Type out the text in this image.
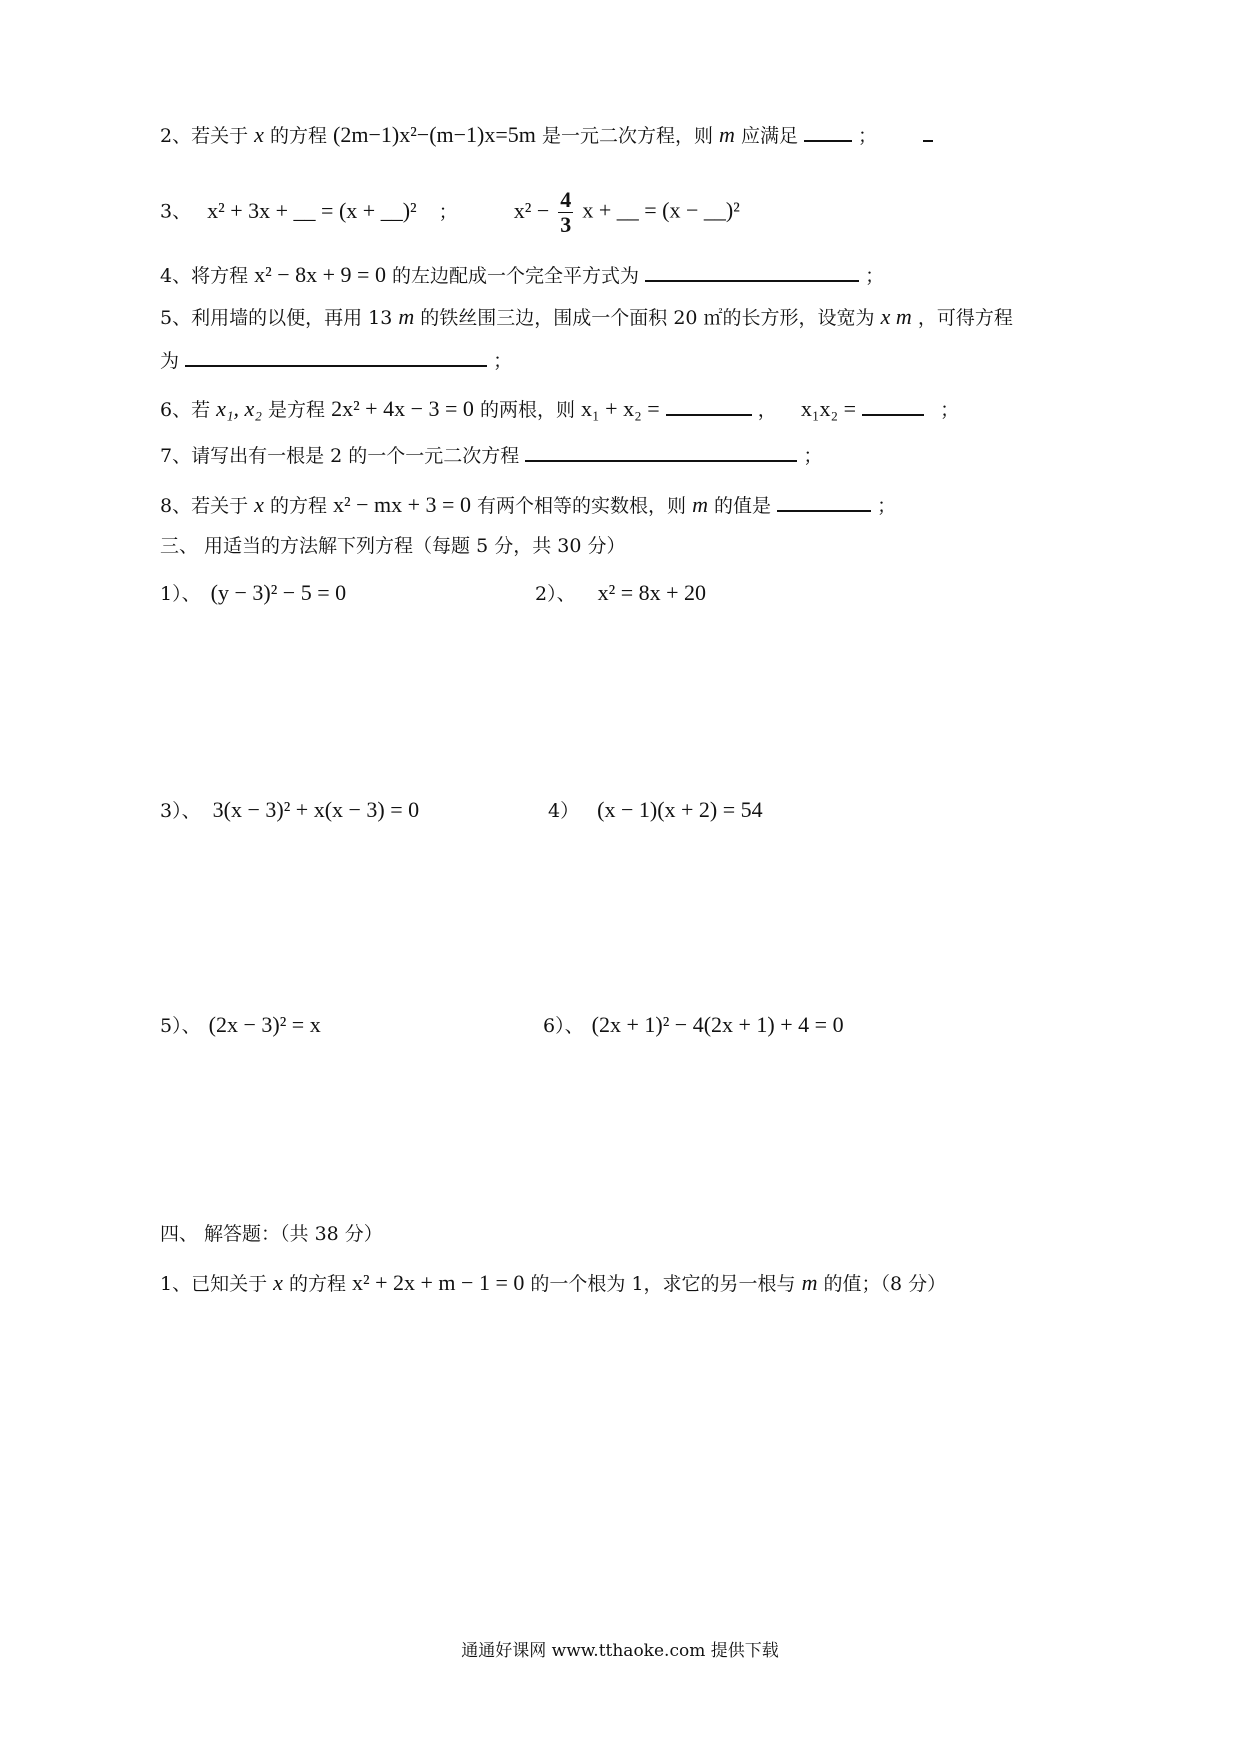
2、若关于 x 的方程 (2m−1)x²−(m−1)x=5m 是一元二次方程，则 m 应满足	；
3、 x² + 3x + __ = (x + __)² ；	$x^2 - \frac{4}{3}$ x + __ = (x − __)²
4、将方程 x² − 8x + 9 = 0 的左边配成一个完全平方式为	；
5、利用墙的以便，再用 13 m 的铁丝围三边，围成一个面积 20 ㎡的长方形，设宽为 x m ，可得方程
为	；
6、若 x₁, x₂ 是方程 2x² + 4x − 3 = 0 的两根，则 x₁ + x₂ =	， x₁x₂ =	；
7、请写出有一根是 2 的一个一元二次方程	；
8、若关于 x 的方程 x² − mx + 3 = 0 有两个相等的实数根，则 m 的值是	；
三、 用适当的方法解下列方程（每题 5 分，共 30 分）
1）、 (y − 3)² − 5 = 0	2）、 x² = 8x + 20
3）、 3(x − 3)² + x(x − 3) = 0	4） (x − 1)(x + 2) = 54
5）、 (2x − 3)² = x	6）、 (2x + 1)² − 4(2x + 1) + 4 = 0
四、 解答题：（共 38 分）
1、已知关于 x 的方程 x² + 2x + m − 1 = 0 的一个根为 1，求它的另一根与 m 的值；（8 分）
通通好课网 www.tthaoke.com 提供下载
